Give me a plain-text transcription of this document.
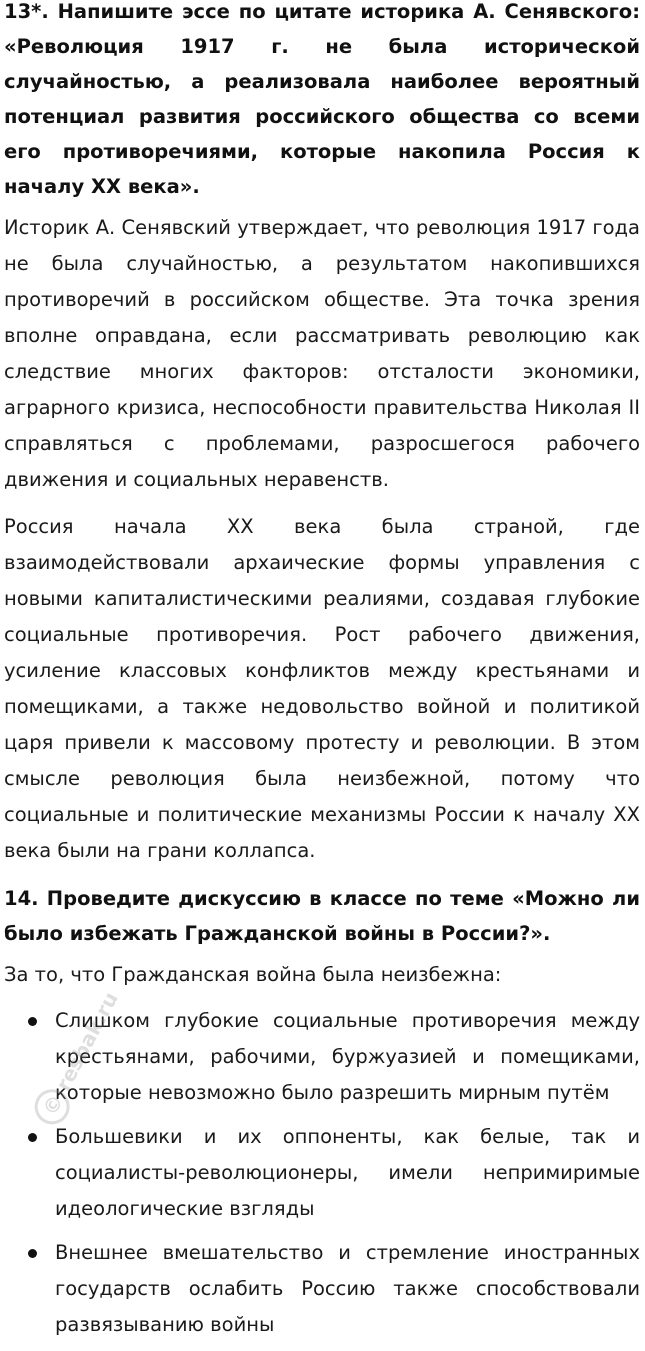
13*. Напишите эссе по цитате историка А. Сенявского: «Революция 1917 г. не была исторической случайностью, а реализовала наиболее вероятный потенциал развития российского общества со всеми его противоречиями, которые накопила Россия к началу XX века».

Историк А. Сенявский утверждает, что революция 1917 года не была случайностью, а результатом накопившихся противоречий в российском обществе. Эта точка зрения вполне оправдана, если рассматривать революцию как следствие многих факторов: отсталости экономики, аграрного кризиса, неспособности правительства Николая II справляться с проблемами, разросшегося рабочего движения и социальных неравенств.

Россия начала XX века была страной, где взаимодействовали архаические формы управления с новыми капиталистическими реалиями, создавая глубокие социальные противоречия. Рост рабочего движения, усиление классовых конфликтов между крестьянами и помещиками, а также недовольство войной и политикой царя привели к массовому протесту и революции. В этом смысле революция была неизбежной, потому что социальные и политические механизмы России к началу XX века были на грани коллапса.

14. Проведите дискуссию в классе по теме «Можно ли было избежать Гражданской войны в России?».

За то, что Гражданская война была неизбежна:

Слишком глубокие социальные противоречия между крестьянами, рабочими, буржуазией и помещиками, которые невозможно было разрешить мирным путём
Большевики и их оппоненты, как белые, так и социалисты-революционеры, имели непримиримые идеологические взгляды
Внешнее вмешательство и стремление иностранных государств ослабить Россию также способствовали развязыванию войны
©
resbak.ru
